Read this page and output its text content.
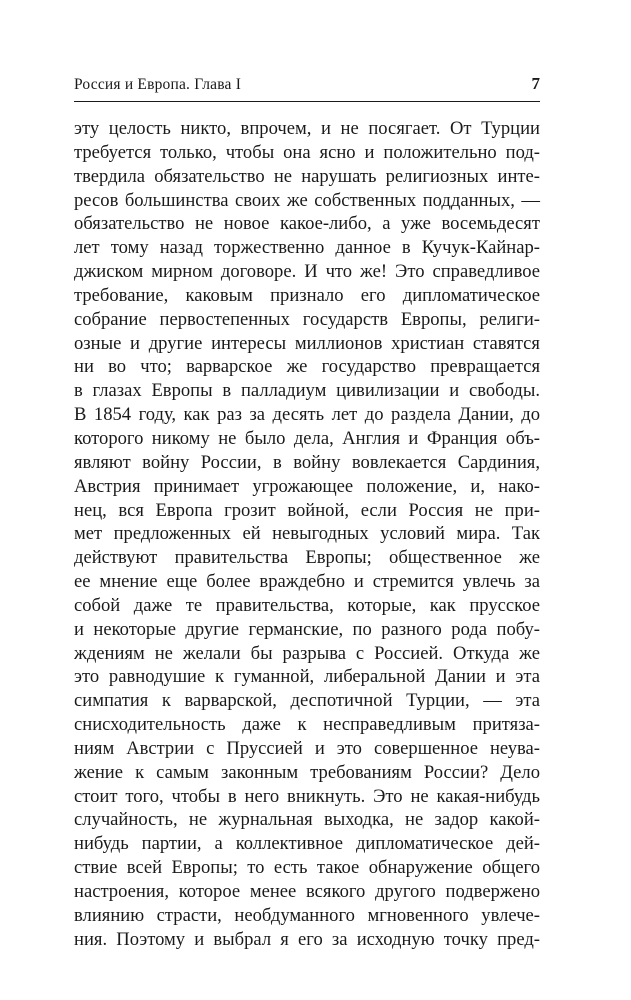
Россия и Европа. Глава I	7
эту целость никто, впрочем, и не посягает. От Турции
требуется только, чтобы она ясно и положительно под-
твердила обязательство не нарушать религиозных инте-
ресов большинства своих же собственных подданных, —
обязательство не новое какое-либо, а уже восемьдесят
лет тому назад торжественно данное в Кучук-Кайнар-
джиском мирном договоре. И что же! Это справедливое
требование, каковым признало его дипломатическое
собрание первостепенных государств Европы, религи-
озные и другие интересы миллионов христиан ставятся
ни во что; варварское же государство превращается
в глазах Европы в палладиум цивилизации и свободы.
В 1854 году, как раз за десять лет до раздела Дании, до
которого никому не было дела, Англия и Франция объ-
являют войну России, в войну вовлекается Сардиния,
Австрия принимает угрожающее положение, и, нако-
нец, вся Европа грозит войной, если Россия не при-
мет предложенных ей невыгодных условий мира. Так
действуют правительства Европы; общественное же
ее мнение еще более враждебно и стремится увлечь за
собой даже те правительства, которые, как прусское
и некоторые другие германские, по разного рода побу-
ждениям не желали бы разрыва с Россией. Откуда же
это равнодушие к гуманной, либеральной Дании и эта
симпатия к варварской, деспотичной Турции, — эта
снисходительность даже к несправедливым притяза-
ниям Австрии с Пруссией и это совершенное неува-
жение к самым законным требованиям России? Дело
стоит того, чтобы в него вникнуть. Это не какая-нибудь
случайность, не журнальная выходка, не задор какой-
нибудь партии, а коллективное дипломатическое дей-
ствие всей Европы; то есть такое обнаружение общего
настроения, которое менее всякого другого подвержено
влиянию страсти, необдуманного мгновенного увлече-
ния. Поэтому и выбрал я его за исходную точку пред-
